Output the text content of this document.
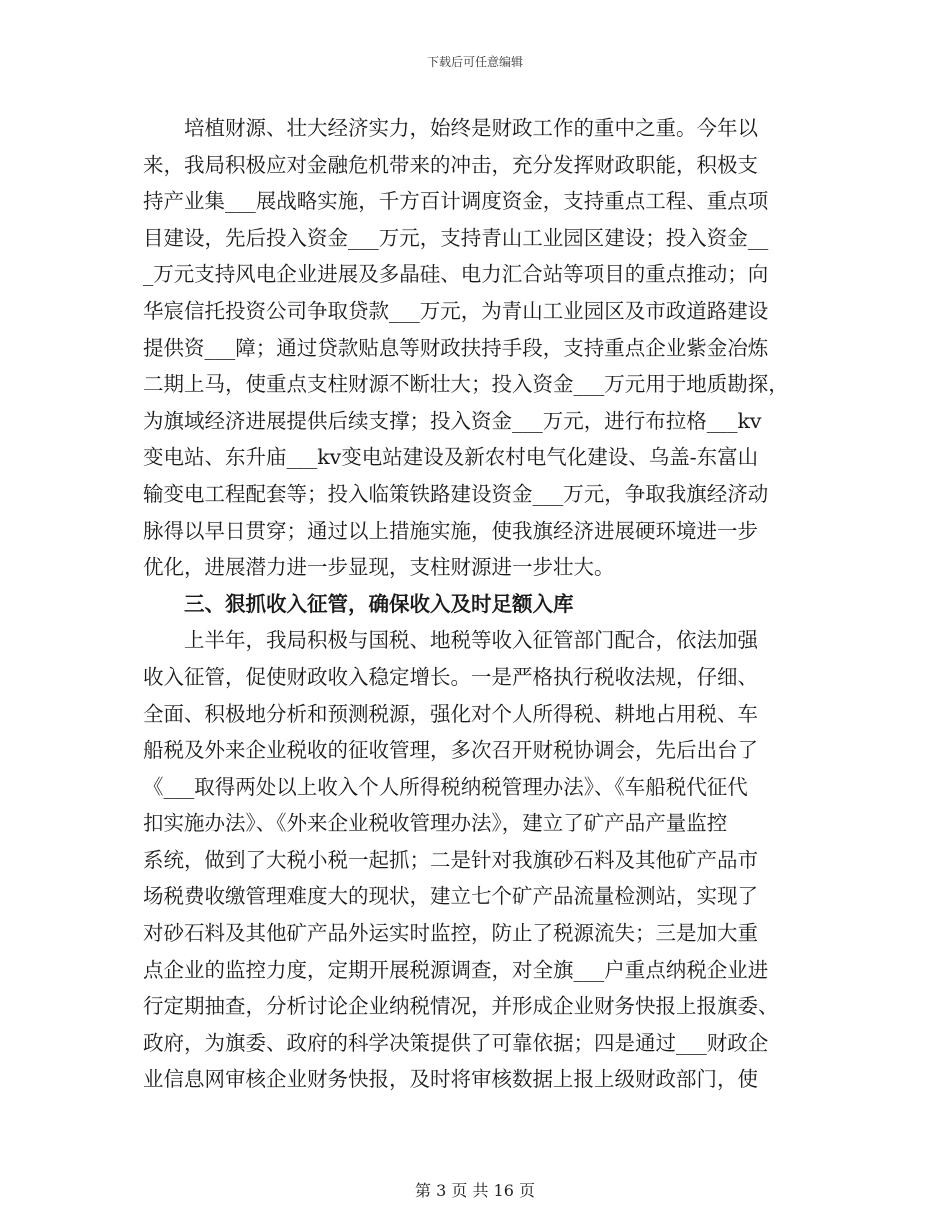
下载后可任意编辑
　　培植财源、壮大经济实力，始终是财政工作的重中之重。今年以
来，我局积极应对金融危机带来的冲击，充分发挥财政职能，积极支
持产业集___展战略实施，千方百计调度资金，支持重点工程、重点项
目建设，先后投入资金___万元，支持青山工业园区建设；投入资金__
_万元支持风电企业进展及多晶硅、电力汇合站等项目的重点推动；向
华宸信托投资公司争取贷款___万元，为青山工业园区及市政道路建设
提供资___障；通过贷款贴息等财政扶持手段，支持重点企业紫金冶炼
二期上马，使重点支柱财源不断壮大；投入资金___万元用于地质勘探，
为旗域经济进展提供后续支撑；投入资金___万元，进行布拉格___kv
变电站、东升庙___kv变电站建设及新农村电气化建设、乌盖-东富山
输变电工程配套等；投入临策铁路建设资金___万元，争取我旗经济动
脉得以早日贯穿；通过以上措施实施，使我旗经济进展硬环境进一步
优化，进展潜力进一步显现，支柱财源进一步壮大。
　　三、狠抓收入征管，确保收入及时足额入库
　　上半年，我局积极与国税、地税等收入征管部门配合，依法加强
收入征管，促使财政收入稳定增长。一是严格执行税收法规，仔细、
全面、积极地分析和预测税源，强化对个人所得税、耕地占用税、车
船税及外来企业税收的征收管理，多次召开财税协调会，先后出台了
《___取得两处以上收入个人所得税纳税管理办法》、《车船税代征代
扣实施办法》、《外来企业税收管理办法》，建立了矿产品产量监控
系统，做到了大税小税一起抓；二是针对我旗砂石料及其他矿产品市
场税费收缴管理难度大的现状，建立七个矿产品流量检测站，实现了
对砂石料及其他矿产品外运实时监控，防止了税源流失；三是加大重
点企业的监控力度，定期开展税源调查，对全旗___户重点纳税企业进
行定期抽查，分析讨论企业纳税情况，并形成企业财务快报上报旗委、
政府，为旗委、政府的科学决策提供了可靠依据；四是通过___财政企
业信息网审核企业财务快报，及时将审核数据上报上级财政部门，使
第 3 页 共 16 页
